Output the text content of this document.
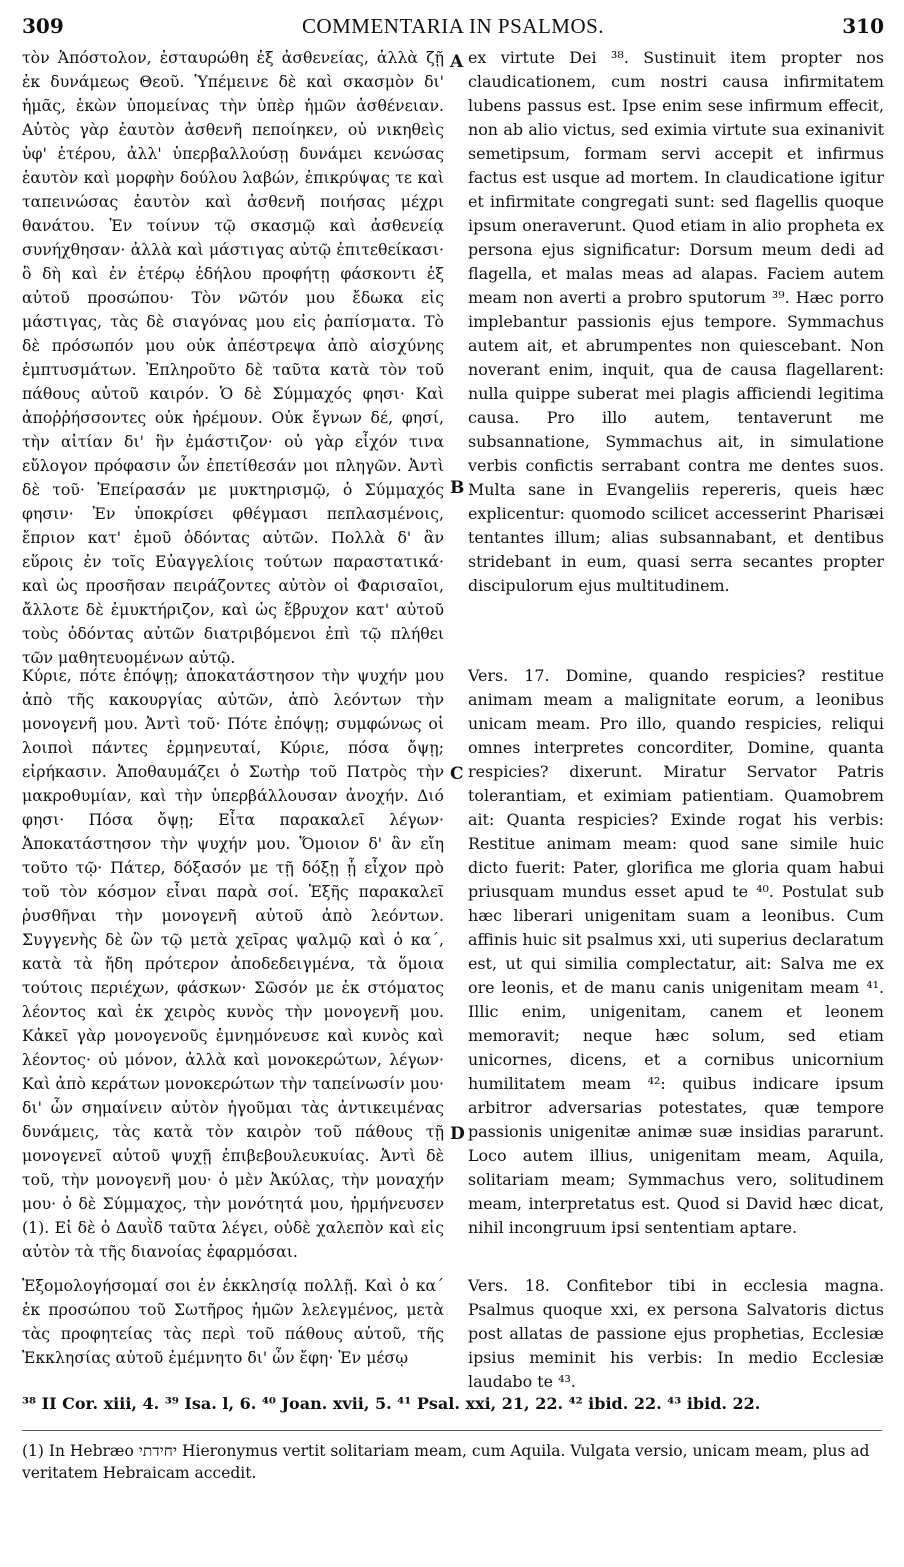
309	COMMENTARIA IN PSALMOS.	310

τὸν Ἀπόστολον, ἐσταυρώθη ἐξ ἀσθενείας, ἀλλὰ ζῇ ἐκ δυνάμεως Θεοῦ. Ὑπέμεινε δὲ καὶ σκασμὸν δι' ἡμᾶς, ἑκὼν ὑπομείνας τὴν ὑπὲρ ἡμῶν ἀσθένειαν. Αὐτὸς γὰρ ἑαυτὸν ἀσθενῆ πεποίηκεν, οὐ νικηθεὶς ὑφ' ἑτέρου, ἀλλ' ὑπερβαλλούσῃ δυνάμει κενώσας ἑαυτὸν καὶ μορφὴν δούλου λαβών, ἐπικρύψας τε καὶ ταπεινώσας ἑαυτὸν καὶ ἀσθενῆ ποιήσας μέχρι θανάτου. Ἐν τοίνυν τῷ σκασμῷ καὶ ἀσθενείᾳ συνήχθησαν· ἀλλὰ καὶ μάστιγας αὐτῷ ἐπιτεθείκασι· ὃ δὴ καὶ ἐν ἑτέρῳ ἐδήλου προφήτῃ φάσκοντι ἐξ αὐτοῦ προσώπου· Τὸν νῶτόν μου ἔδωκα εἰς μάστιγας, τὰς δὲ σιαγόνας μου εἰς ῥαπίσματα. Τὸ δὲ πρόσωπόν μου οὐκ ἀπέστρεψα ἀπὸ αἰσχύνης ἐμπτυσμάτων. Ἐπληροῦτο δὲ ταῦτα κατὰ τὸν τοῦ πάθους αὐτοῦ καιρόν. Ὁ δὲ Σύμμαχός φησι· Καὶ ἀποῤῥήσσοντες οὐκ ἠρέμουν. Οὐκ ἔγνων δέ, φησί, τὴν αἰτίαν δι' ἣν ἐμάστιζον· οὐ γὰρ εἶχόν τινα εὔλογον πρόφασιν ὧν ἐπετίθεσάν μοι πληγῶν. Ἀντὶ δὲ τοῦ· Ἐπείρασάν με μυκτηρισμῷ, ὁ Σύμμαχός φησιν· Ἐν ὑποκρίσει φθέγμασι πεπλασμένοις, ἔπριον κατ' ἐμοῦ ὀδόντας αὐτῶν. Πολλὰ δ' ἂν εὕροις ἐν τοῖς Εὐαγγελίοις τούτων παραστατικά· καὶ ὡς προσῆσαν πειράζοντες αὐτὸν οἱ Φαρισαῖοι, ἄλλοτε δὲ ἐμυκτήριζον, καὶ ὡς ἔβρυχον κατ' αὐτοῦ τοὺς ὀδόντας αὐτῶν διατριβόμενοι ἐπὶ τῷ πλήθει τῶν μαθητευομένων αὐτῷ.

A
B

ex virtute Dei ³⁸. Sustinuit item propter nos claudicationem, cum nostri causa infirmitatem lubens passus est. Ipse enim sese infirmum effecit, non ab alio victus, sed eximia virtute sua exinanivit semetipsum, formam servi accepit et infirmus factus est usque ad mortem. In claudicatione igitur et infirmitate congregati sunt: sed flagellis quoque ipsum oneraverunt. Quod etiam in alio propheta ex persona ejus significatur: Dorsum meum dedi ad flagella, et malas meas ad alapas. Faciem autem meam non averti a probro sputorum ³⁹. Hæc porro implebantur passionis ejus tempore. Symmachus autem ait, et abrumpentes non quiescebant. Non noverant enim, inquit, qua de causa flagellarent: nulla quippe suberat mei plagis afficiendi legitima causa. Pro illo autem, tentaverunt me subsannatione, Symmachus ait, in simulatione verbis confictis serrabant contra me dentes suos. Multa sane in Evangeliis repereris, queis hæc explicentur: quomodo scilicet accesserint Pharisæi tentantes illum; alias subsannabant, et dentibus stridebant in eum, quasi serra secantes propter discipulorum ejus multitudinem.

Κύριε, πότε ἐπόψῃ; ἀποκατάστησον τὴν ψυχήν μου ἀπὸ τῆς κακουργίας αὐτῶν, ἀπὸ λεόντων τὴν μονογενῆ μου. Ἀντὶ τοῦ· Πότε ἐπόψῃ; συμφώνως οἱ λοιποὶ πάντες ἑρμηνευταί, Κύριε, πόσα ὄψῃ; εἰρήκασιν. Ἀποθαυμάζει ὁ Σωτὴρ τοῦ Πατρὸς τὴν μακροθυμίαν, καὶ τὴν ὑπερβάλλουσαν ἀνοχήν. Διό φησι· Πόσα ὄψῃ; Εἶτα παρακαλεῖ λέγων· Ἀποκατάστησον τὴν ψυχήν μου. Ὅμοιον δ' ἂν εἴη τοῦτο τῷ· Πάτερ, δόξασόν με τῇ δόξῃ ᾗ εἶχον πρὸ τοῦ τὸν κόσμον εἶναι παρὰ σοί. Ἑξῆς παρακαλεῖ ῥυσθῆναι τὴν μονογενῆ αὐτοῦ ἀπὸ λεόντων. Συγγενὴς δὲ ὢν τῷ μετὰ χεῖρας ψαλμῷ καὶ ὁ κα΄, κατὰ τὰ ἤδη πρότερον ἀποδεδειγμένα, τὰ ὅμοια τούτοις περιέχων, φάσκων· Σῶσόν με ἐκ στόματος λέοντος καὶ ἐκ χειρὸς κυνὸς τὴν μονογενῆ μου. Κἀκεῖ γὰρ μονογενοῦς ἐμνημόνευσε καὶ κυνὸς καὶ λέοντος· οὐ μόνον, ἀλλὰ καὶ μονοκερώτων, λέγων· Καὶ ἀπὸ κεράτων μονοκερώτων τὴν ταπείνωσίν μου· δι' ὧν σημαίνειν αὐτὸν ἡγοῦμαι τὰς ἀντικειμένας δυνάμεις, τὰς κατὰ τὸν καιρὸν τοῦ πάθους τῇ μονογενεῖ αὐτοῦ ψυχῇ ἐπιβεβουλευκυίας. Ἀντὶ δὲ τοῦ, τὴν μονογενῆ μου· ὁ μὲν Ἀκύλας, τὴν μοναχήν μου· ὁ δὲ Σύμμαχος, τὴν μονότητά μου, ἡρμήνευσεν (1). Εἰ δὲ ὁ Δαυῒδ ταῦτα λέγει, οὐδὲ χαλεπὸν καὶ εἰς αὐτὸν τὰ τῆς διανοίας ἐφαρμόσαι.

C
D

Vers. 17. Domine, quando respicies? restitue animam meam a malignitate eorum, a leonibus unicam meam. Pro illo, quando respicies, reliqui omnes interpretes concorditer, Domine, quanta respicies? dixerunt. Miratur Servator Patris tolerantiam, et eximiam patientiam. Quamobrem ait: Quanta respicies? Exinde rogat his verbis: Restitue animam meam: quod sane simile huic dicto fuerit: Pater, glorifica me gloria quam habui priusquam mundus esset apud te ⁴⁰. Postulat sub hæc liberari unigenitam suam a leonibus. Cum affinis huic sit psalmus xxi, uti superius declaratum est, ut qui similia complectatur, ait: Salva me ex ore leonis, et de manu canis unigenitam meam ⁴¹. Illic enim, unigenitam, canem et leonem memoravit; neque hæc solum, sed etiam unicornes, dicens, et a cornibus unicornium humilitatem meam ⁴²: quibus indicare ipsum arbitror adversarias potestates, quæ tempore passionis unigenitæ animæ suæ insidias pararunt. Loco autem illius, unigenitam meam, Aquila, solitariam meam; Symmachus vero, solitudinem meam, interpretatus est. Quod si David hæc dicat, nihil incongruum ipsi sententiam aptare.

Ἐξομολογήσομαί σοι ἐν ἐκκλησίᾳ πολλῇ. Καὶ ὁ κα΄ ἐκ προσώπου τοῦ Σωτῆρος ἡμῶν λελεγμένος, μετὰ τὰς προφητείας τὰς περὶ τοῦ πάθους αὐτοῦ, τῆς Ἐκκλησίας αὐτοῦ ἐμέμνητο δι' ὧν ἔφη· Ἐν μέσῳ

Vers. 18. Confitebor tibi in ecclesia magna. Psalmus quoque xxi, ex persona Salvatoris dictus post allatas de passione ejus prophetias, Ecclesiæ ipsius meminit his verbis: In medio Ecclesiæ laudabo te ⁴³.

³⁸ II Cor. xiii, 4. ³⁹ Isa. l, 6. ⁴⁰ Joan. xvii, 5. ⁴¹ Psal. xxi, 21, 22. ⁴² ibid. 22. ⁴³ ibid. 22.
(1) In Hebræo יחידתי Hieronymus vertit solitariam meam, cum Aquila. Vulgata versio, unicam meam, plus ad veritatem Hebraicam accedit.
